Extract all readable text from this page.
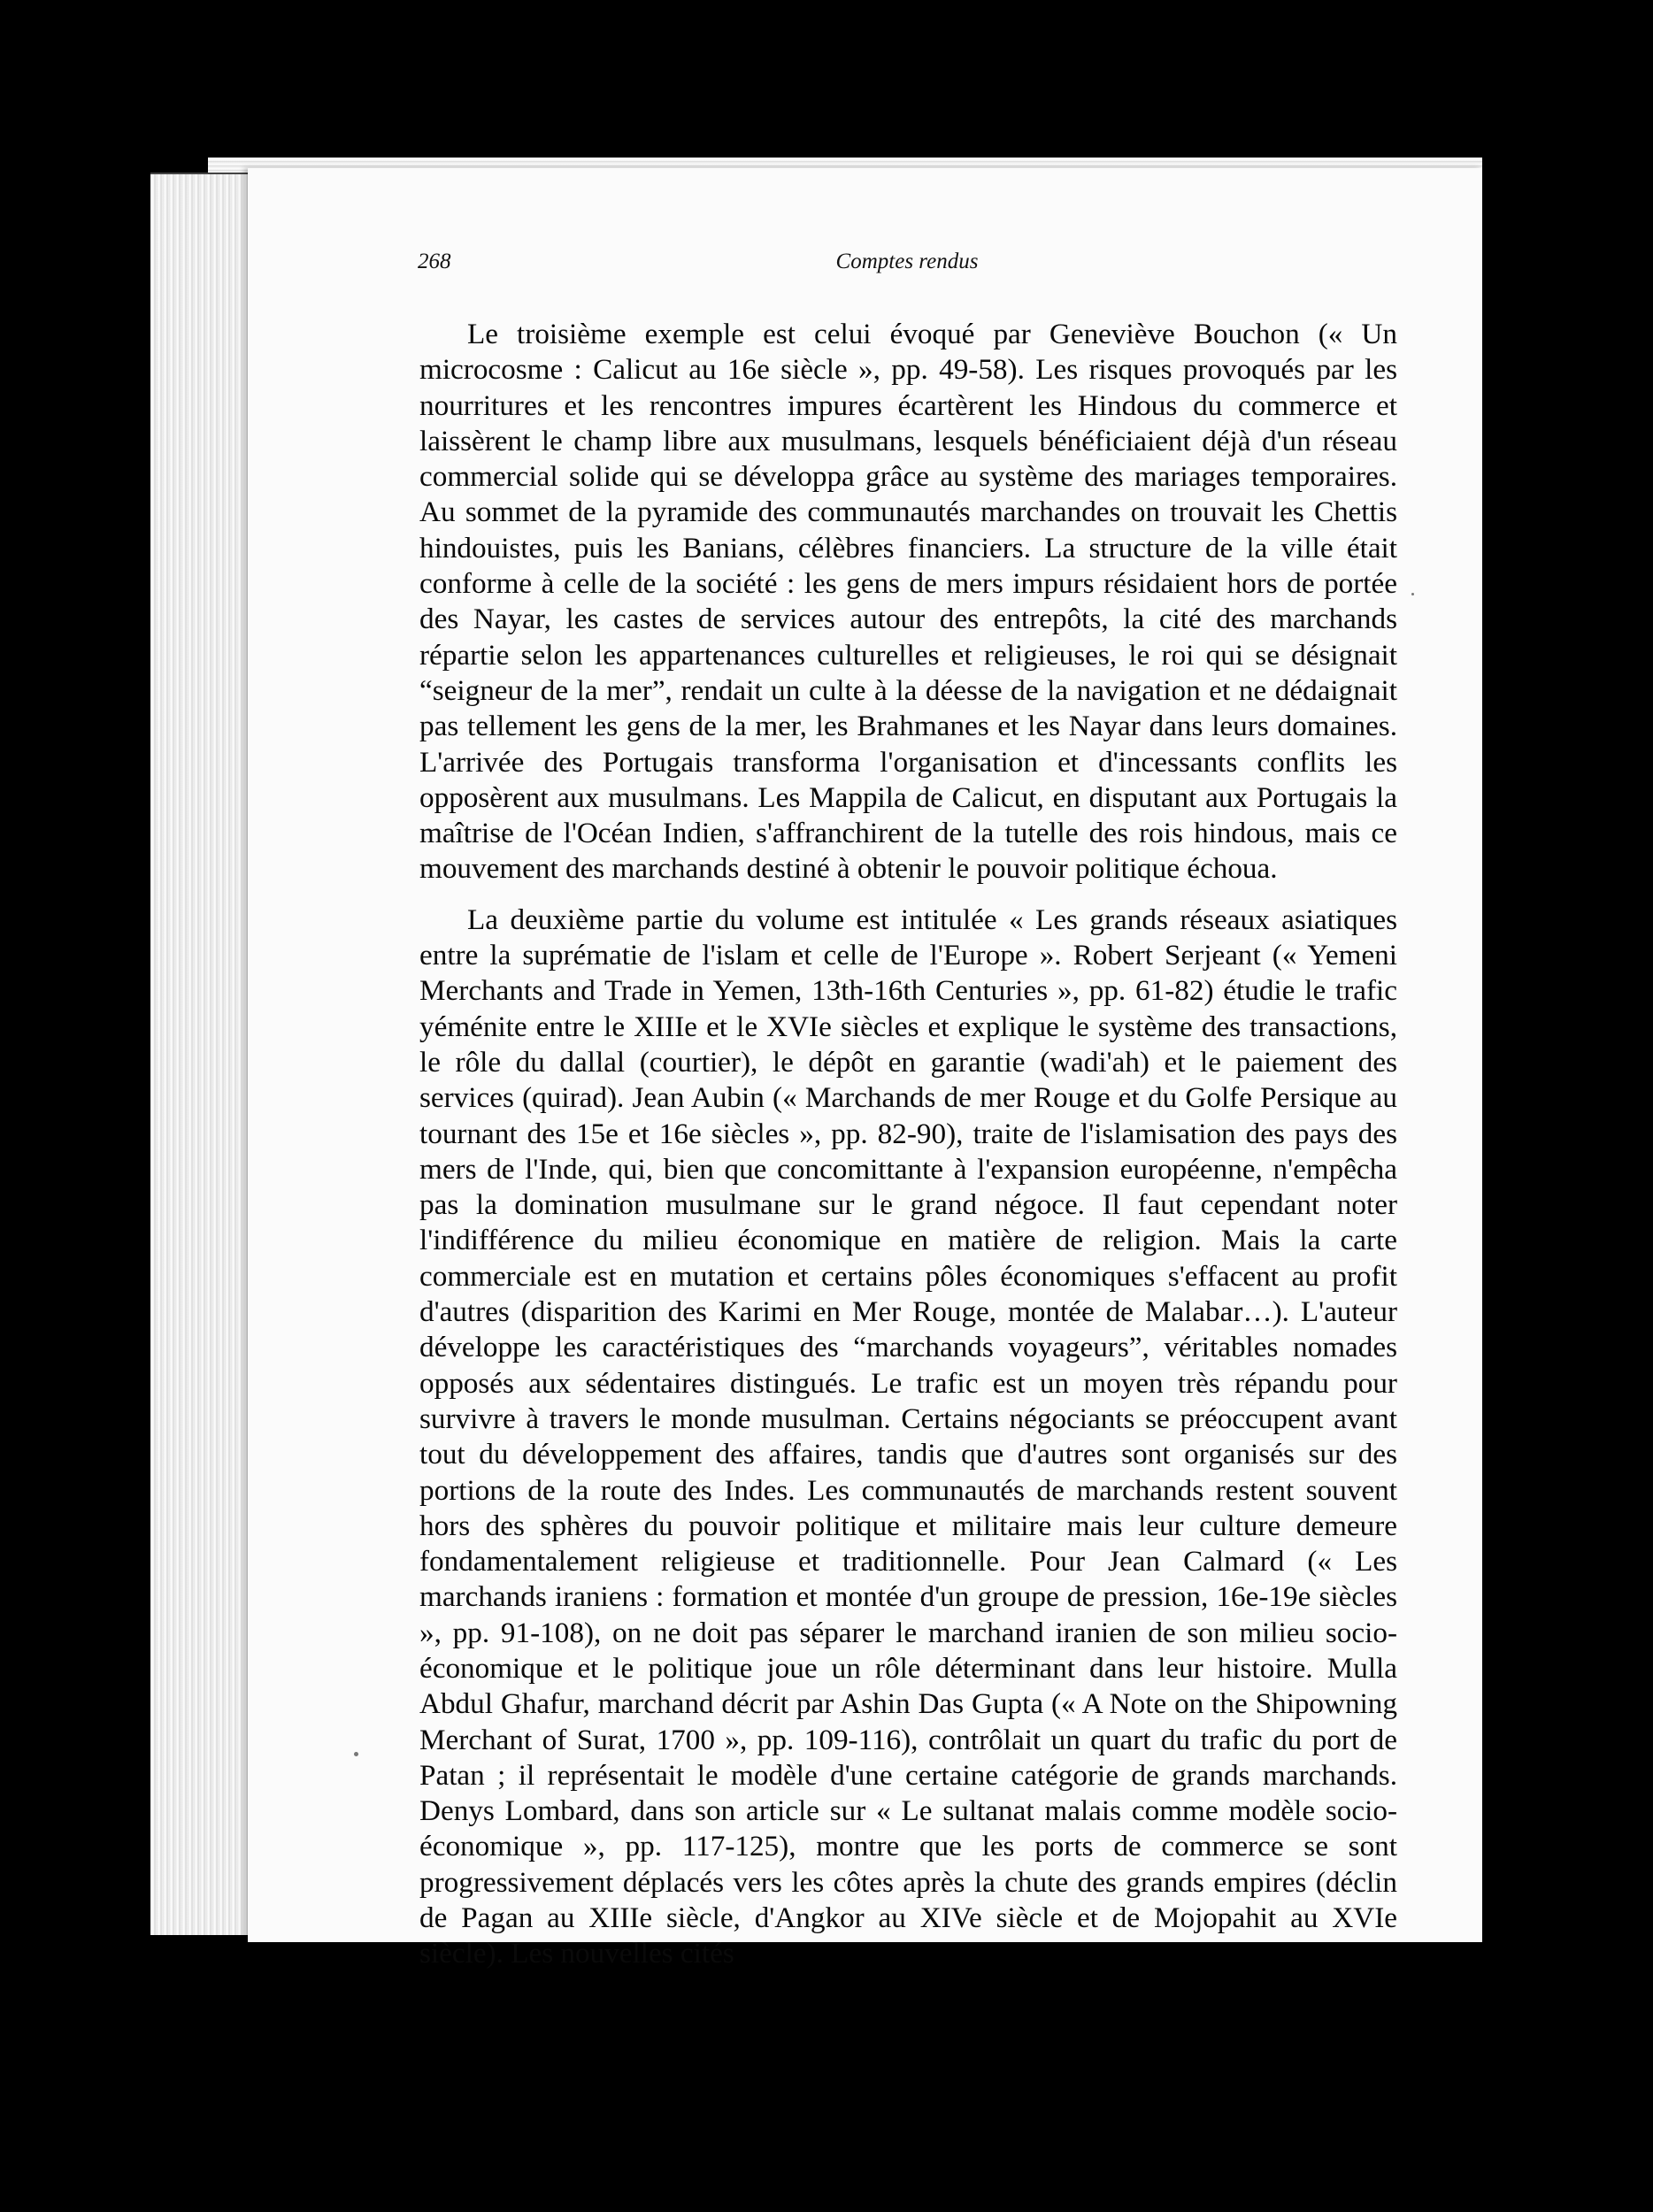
268	Comptes rendus

Le troisième exemple est celui évoqué par Geneviève Bouchon (« Un microcosme : Calicut au 16e siècle », pp. 49-58). Les risques provoqués par les nourritures et les rencontres impures écartèrent les Hindous du commerce et laissèrent le champ libre aux musulmans, lesquels bénéficiaient déjà d'un réseau commercial solide qui se développa grâce au système des mariages temporaires. Au sommet de la pyramide des communautés marchandes on trouvait les Chettis hindouistes, puis les Banians, célèbres financiers. La structure de la ville était conforme à celle de la société : les gens de mers impurs résidaient hors de portée des Nayar, les castes de services autour des entrepôts, la cité des marchands répartie selon les appartenances culturelles et religieuses, le roi qui se désignait “seigneur de la mer”, rendait un culte à la déesse de la navigation et ne dédaignait pas tellement les gens de la mer, les Brahmanes et les Nayar dans leurs domaines. L'arrivée des Portugais transforma l'organisation et d'incessants conflits les opposèrent aux musulmans. Les Mappila de Calicut, en disputant aux Portugais la maîtrise de l'Océan Indien, s'affranchirent de la tutelle des rois hindous, mais ce mouvement des marchands destiné à obtenir le pouvoir politique échoua.

La deuxième partie du volume est intitulée « Les grands réseaux asiatiques entre la suprématie de l'islam et celle de l'Europe ». Robert Serjeant (« Yemeni Merchants and Trade in Yemen, 13th-16th Centuries », pp. 61-82) étudie le trafic yéménite entre le XIIIe et le XVIe siècles et explique le système des transactions, le rôle du dallal (courtier), le dépôt en garantie (wadi'ah) et le paiement des services (quirad). Jean Aubin (« Marchands de mer Rouge et du Golfe Persique au tournant des 15e et 16e siècles », pp. 82-90), traite de l'islamisation des pays des mers de l'Inde, qui, bien que concomittante à l'expansion européenne, n'empêcha pas la domination musulmane sur le grand négoce. Il faut cependant noter l'indifférence du milieu économique en matière de religion. Mais la carte commerciale est en mutation et certains pôles économiques s'effacent au profit d'autres (disparition des Karimi en Mer Rouge, montée de Malabar…). L'auteur développe les caractéristiques des “marchands voyageurs”, véritables nomades opposés aux sédentaires distingués. Le trafic est un moyen très répandu pour survivre à travers le monde musulman. Certains négociants se préoccupent avant tout du développement des affaires, tandis que d'autres sont organisés sur des portions de la route des Indes. Les communautés de marchands restent souvent hors des sphères du pouvoir politique et militaire mais leur culture demeure fondamentalement religieuse et traditionnelle. Pour Jean Calmard (« Les marchands iraniens : formation et montée d'un groupe de pression, 16e-19e siècles », pp. 91-108), on ne doit pas séparer le marchand iranien de son milieu socio-économique et le politique joue un rôle déterminant dans leur histoire. Mulla Abdul Ghafur, marchand décrit par Ashin Das Gupta (« A Note on the Shipowning Merchant of Surat, 1700 », pp. 109-116), contrôlait un quart du trafic du port de Patan ; il représentait le modèle d'une certaine catégorie de grands marchands. Denys Lombard, dans son article sur « Le sultanat malais comme modèle socio-économique », pp. 117-125), montre que les ports de commerce se sont progressivement déplacés vers les côtes après la chute des grands empires (déclin de Pagan au XIIIe siècle, d'Angkor au XIVe siècle et de Mojopahit au XVIe siècle). Les nouvelles cités
